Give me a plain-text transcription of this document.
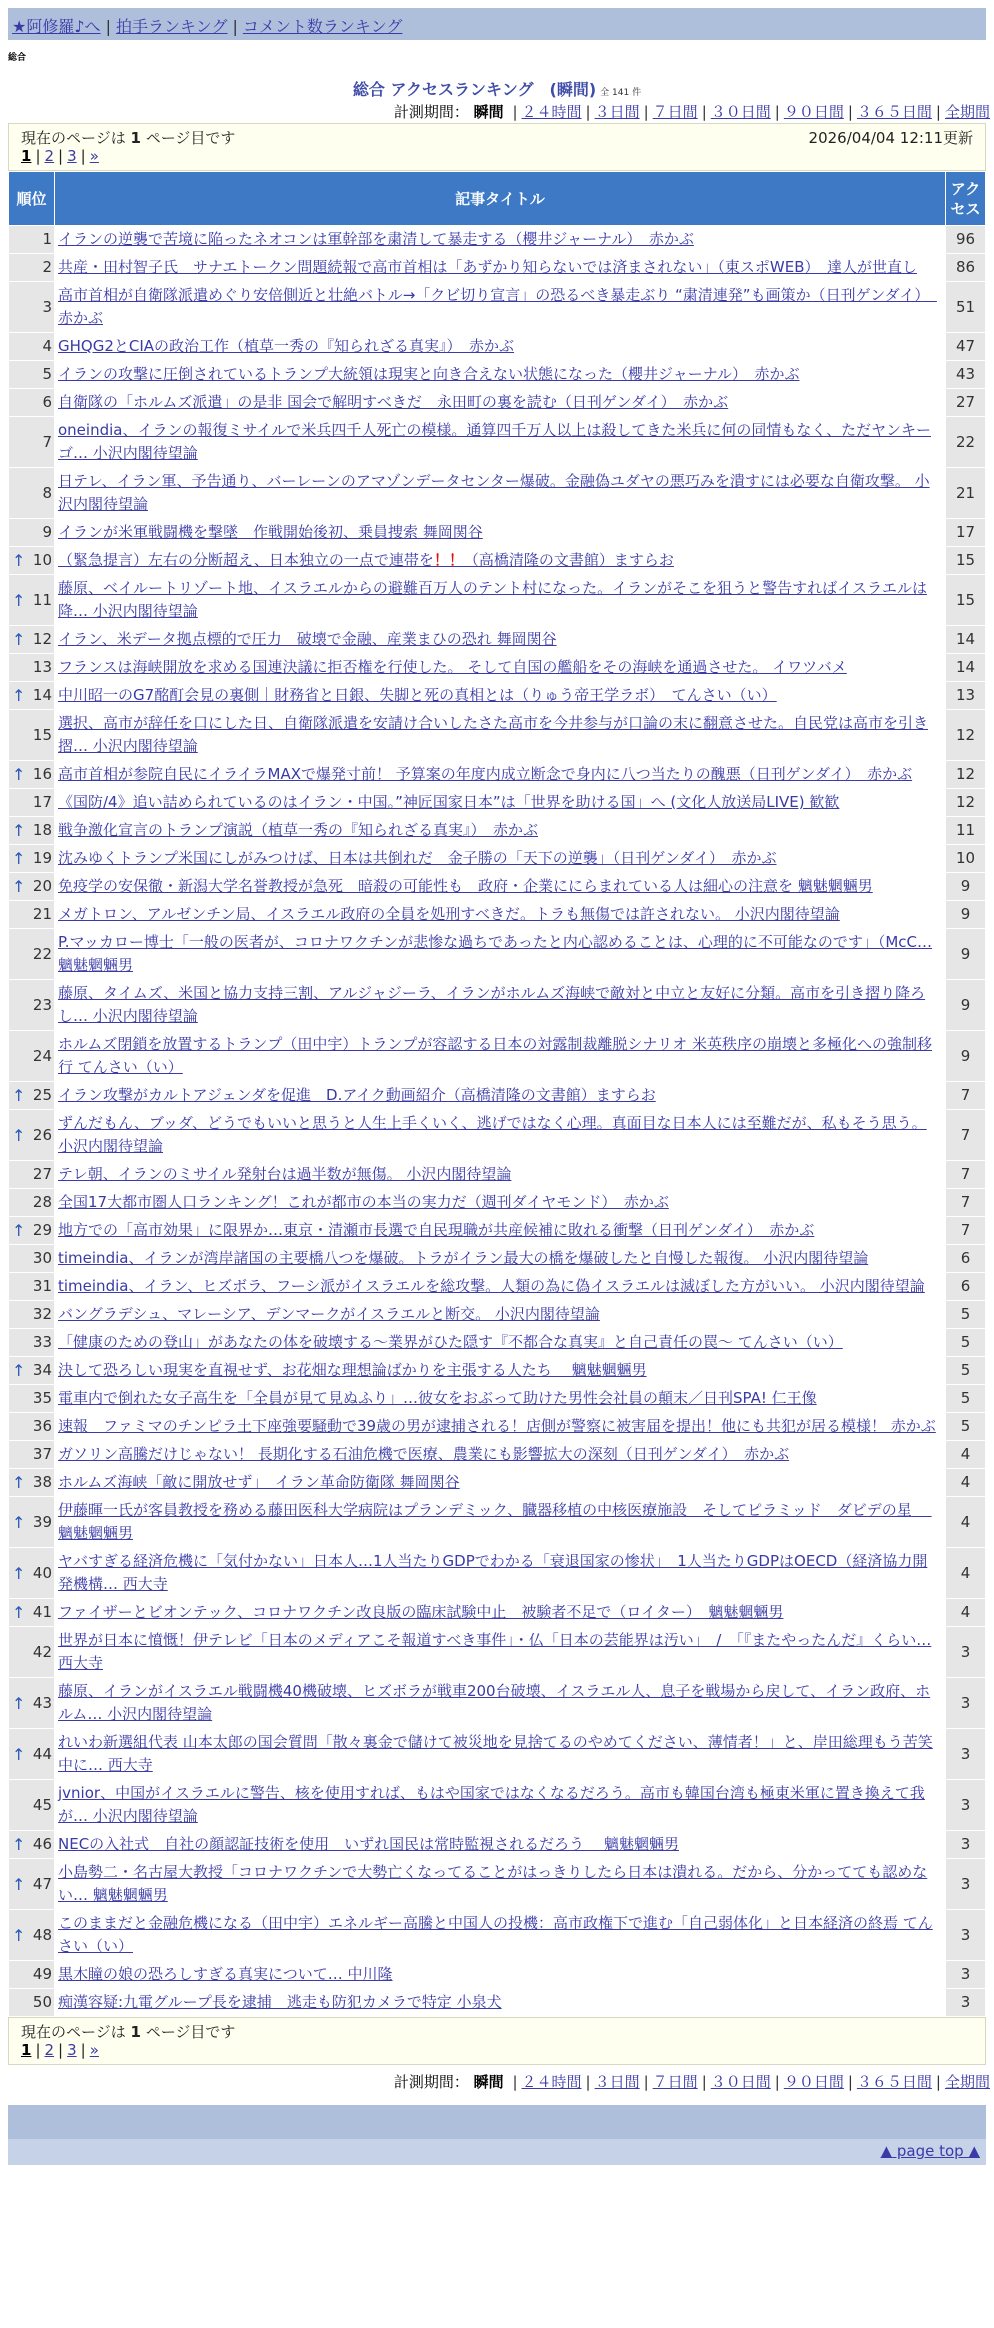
★阿修羅♪へ | 拍手ランキング | コメント数ランキング
総合
総合 アクセスランキング　(瞬間) 全 141 件
計測期間： 瞬間 | ２４時間 | ３日間 | ７日間 | ３０日間 | ９０日間 | ３６５日間 | 全期間
現在のページは 1 ページ目です	2026/04/04 12:11更新
1 | 2 | 3 | »
順位	記事タイトル	アクセス
1	イランの逆襲で苦境に陥ったネオコンは軍幹部を粛清して暴走する（櫻井ジャーナル）　赤かぶ	96
2	共産・田村智子氏　サナエトークン問題続報で高市首相は「あずかり知らないでは済まされない」（東スポWEB）　達人が世直し	86
3	高市首相が自衛隊派遣めぐり安倍側近と壮絶バトル→「クビ切り宣言」の恐るべき暴走ぶり “粛清連発”も画策か（日刊ゲンダイ）　赤かぶ	51
4	GHQG2とCIAの政治工作（植草一秀の『知られざる真実』）　赤かぶ	47
5	イランの攻撃に圧倒されているトランプ大統領は現実と向き合えない状態になった（櫻井ジャーナル）　赤かぶ	43
6	自衛隊の「ホルムズ派遣」の是非 国会で解明すべきだ　永田町の裏を読む（日刊ゲンダイ）　赤かぶ	27
7	oneindia、イランの報復ミサイルで米兵四千人死亡の模様。通算四千万人以上は殺してきた米兵に何の同情もなく、ただヤンキーゴ… 小沢内閣待望論	22
8	日テレ、イラン軍、予告通り、バーレーンのアマゾンデータセンター爆破。金融偽ユダヤの悪巧みを潰すには必要な自衛攻撃。 小沢内閣待望論	21
9	イランが米軍戦闘機を撃墜　作戦開始後初、乗員捜索 舞岡関谷	17

↑ 10	（緊急提言）左右の分断超え、日本独立の一点で連帯を！！（高橋清隆の文書館）ますらお	15

↑ 11	藤原、ベイルートリゾート地、イスラエルからの避難百万人のテント村になった。イランがそこを狙うと警告すればイスラエルは降… 小沢内閣待望論	15

↑ 12	イラン、米データ拠点標的で圧力　破壊で金融、産業まひの恐れ 舞岡関谷	14
13	フランスは海峡開放を求める国連決議に拒否権を行使した。 そして自国の艦船をその海峡を通過させた。 イワツバメ	14

↑ 14	中川昭一のG7酩酊会見の裏側｜財務省と日銀、失脚と死の真相とは（りゅう帝王学ラボ）　てんさい（い）	13
15	選択、高市が辞任を口にした日、自衛隊派遣を安請け合いしたさた高市を今井参与が口論の末に翻意させた。自民党は高市を引き摺… 小沢内閣待望論	12

↑ 16	高市首相が参院自民にイライラMAXで爆発寸前！ 予算案の年度内成立断念で身内に八つ当たりの醜悪（日刊ゲンダイ）　赤かぶ	12
17	《国防/4》追い詰められているのはイラン・中国。”神匠国家日本”は「世界を助ける国」へ (文化人放送局LIVE) 歓歓	12

↑ 18	戦争激化宣言のトランプ演説（植草一秀の『知られざる真実』）　赤かぶ	11

↑ 19	沈みゆくトランプ米国にしがみつけば、日本は共倒れだ　金子勝の「天下の逆襲」（日刊ゲンダイ）　赤かぶ	10

↑ 20	免疫学の安保徹・新潟大学名誉教授が急死　暗殺の可能性も　政府・企業ににらまれている人は細心の注意を 魑魅魍魎男	9
21	メガトロン、アルゼンチン局、イスラエル政府の全員を処刑すべきだ。トラも無傷では許されない。 小沢内閣待望論	9
22	P.マッカロー博士「一般の医者が、コロナワクチンが悲惨な過ちであったと内心認めることは、心理的に不可能なのです」（McC… 魑魅魍魎男	9
23	藤原、タイムズ、米国と協力支持三割、アルジャジーラ、イランがホルムズ海峡で敵対と中立と友好に分類。高市を引き摺り降ろし… 小沢内閣待望論	9
24	ホルムズ閉鎖を放置するトランプ（田中宇）トランプが容認する日本の対露制裁離脱シナリオ 米英秩序の崩壊と多極化への強制移行 てんさい（い）	9

↑ 25	イラン攻撃がカルトアジェンダを促進　D.アイク動画紹介（高橋清隆の文書館）ますらお	7

↑ 26	ずんだもん、ブッダ、どうでもいいと思うと人生上手くいく、逃げではなく心理。真面目な日本人には至難だが、私もそう思う。 小沢内閣待望論	7
27	テレ朝、イランのミサイル発射台は過半数が無傷。 小沢内閣待望論	7
28	全国17大都市圏人口ランキング！これが都市の本当の実力だ（週刊ダイヤモンド）　赤かぶ	7

↑ 29	地方での「高市効果」に限界か…東京・清瀬市長選で自民現職が共産候補に敗れる衝撃（日刊ゲンダイ）　赤かぶ	7
30	timeindia、イランが湾岸諸国の主要橋八つを爆破。トラがイラン最大の橋を爆破したと自慢した報復。 小沢内閣待望論	6
31	timeindia、イラン、ヒズボラ、フーシ派がイスラエルを総攻撃。人類の為に偽イスラエルは滅ぼした方がいい。 小沢内閣待望論	6
32	バングラデシュ、マレーシア、デンマークがイスラエルと断交。 小沢内閣待望論	5
33	「健康のための登山」があなたの体を破壊する〜業界がひた隠す『不都合な真実』と自己責任の罠〜 てんさい（い）	5

↑ 34	決して恐ろしい現実を直視せず、お花畑な理想論ばかりを主張する人たち　 魑魅魍魎男	5
35	電車内で倒れた女子高生を「全員が見て見ぬふり」…彼女をおぶって助けた男性会社員の顛末／日刊SPA! 仁王像	5
36	速報　ファミマのチンピラ土下座強要騒動で39歳の男が逮捕される！店側が警察に被害届を提出！他にも共犯が居る模様！ 赤かぶ	5
37	ガソリン高騰だけじゃない！ 長期化する石油危機で医療、農業にも影響拡大の深刻（日刊ゲンダイ）　赤かぶ	4

↑ 38	ホルムズ海峡「敵に開放せず」　イラン革命防衛隊 舞岡関谷	4

↑ 39	伊藤暉一氏が客員教授を務める藤田医科大学病院はプランデミック、臓器移植の中核医療施設　そしてピラミッド　ダビデの星　 魑魅魍魎男	4

↑ 40	ヤバすぎる経済危機に「気付かない」日本人…1人当たりGDPでわかる「衰退国家の惨状」　1人当たりGDPはOECD（経済協力開発機構… 西大寺	4

↑ 41	ファイザーとビオンテック、コロナワクチン改良版の臨床試験中止　被験者不足で（ロイター）　魑魅魍魎男	4
42	世界が日本に憤慨！伊テレビ「日本のメディアこそ報道すべき事件」・仏「日本の芸能界は汚い」　/　「『またやったんだ』くらい… 西大寺	3

↑ 43	藤原、イランがイスラエル戦闘機40機破壊、ヒズボラが戦車200台破壊、イスラエル人、息子を戦場から戻して、イラン政府、ホルム… 小沢内閣待望論	3

↑ 44	れいわ新選組代表 山本太郎の国会質問「散々裏金で儲けて被災地を見捨てるのやめてください、薄情者！」と、岸田総理もう苦笑中に… 西大寺	3
45	jvnior、中国がイスラエルに警告、核を使用すれば、もはや国家ではなくなるだろう。高市も韓国台湾も極東米軍に置き換えて我が… 小沢内閣待望論	3

↑ 46	NECの入社式　自社の顔認証技術を使用　いずれ国民は常時監視されるだろう　 魑魅魍魎男	3

↑ 47	小島勢二・名古屋大教授「コロナワクチンで大勢亡くなってることがはっきりしたら日本は潰れる。だから、分かってても認めない… 魑魅魍魎男	3

↑ 48	このままだと金融危機になる（田中宇）エネルギー高騰と中国人の投機：高市政権下で進む「自己弱体化」と日本経済の終焉 てんさい（い）	3
49	黒木瞳の娘の恐ろしすぎる真実について… 中川隆	3
50	痴漢容疑:九電グループ長を逮捕　逃走も防犯カメラで特定 小泉犬	3
現在のページは 1 ページ目です
1 | 2 | 3 | »
計測期間： 瞬間 | ２４時間 | ３日間 | ７日間 | ３０日間 | ９０日間 | ３６５日間 | 全期間
▲ page top ▲
